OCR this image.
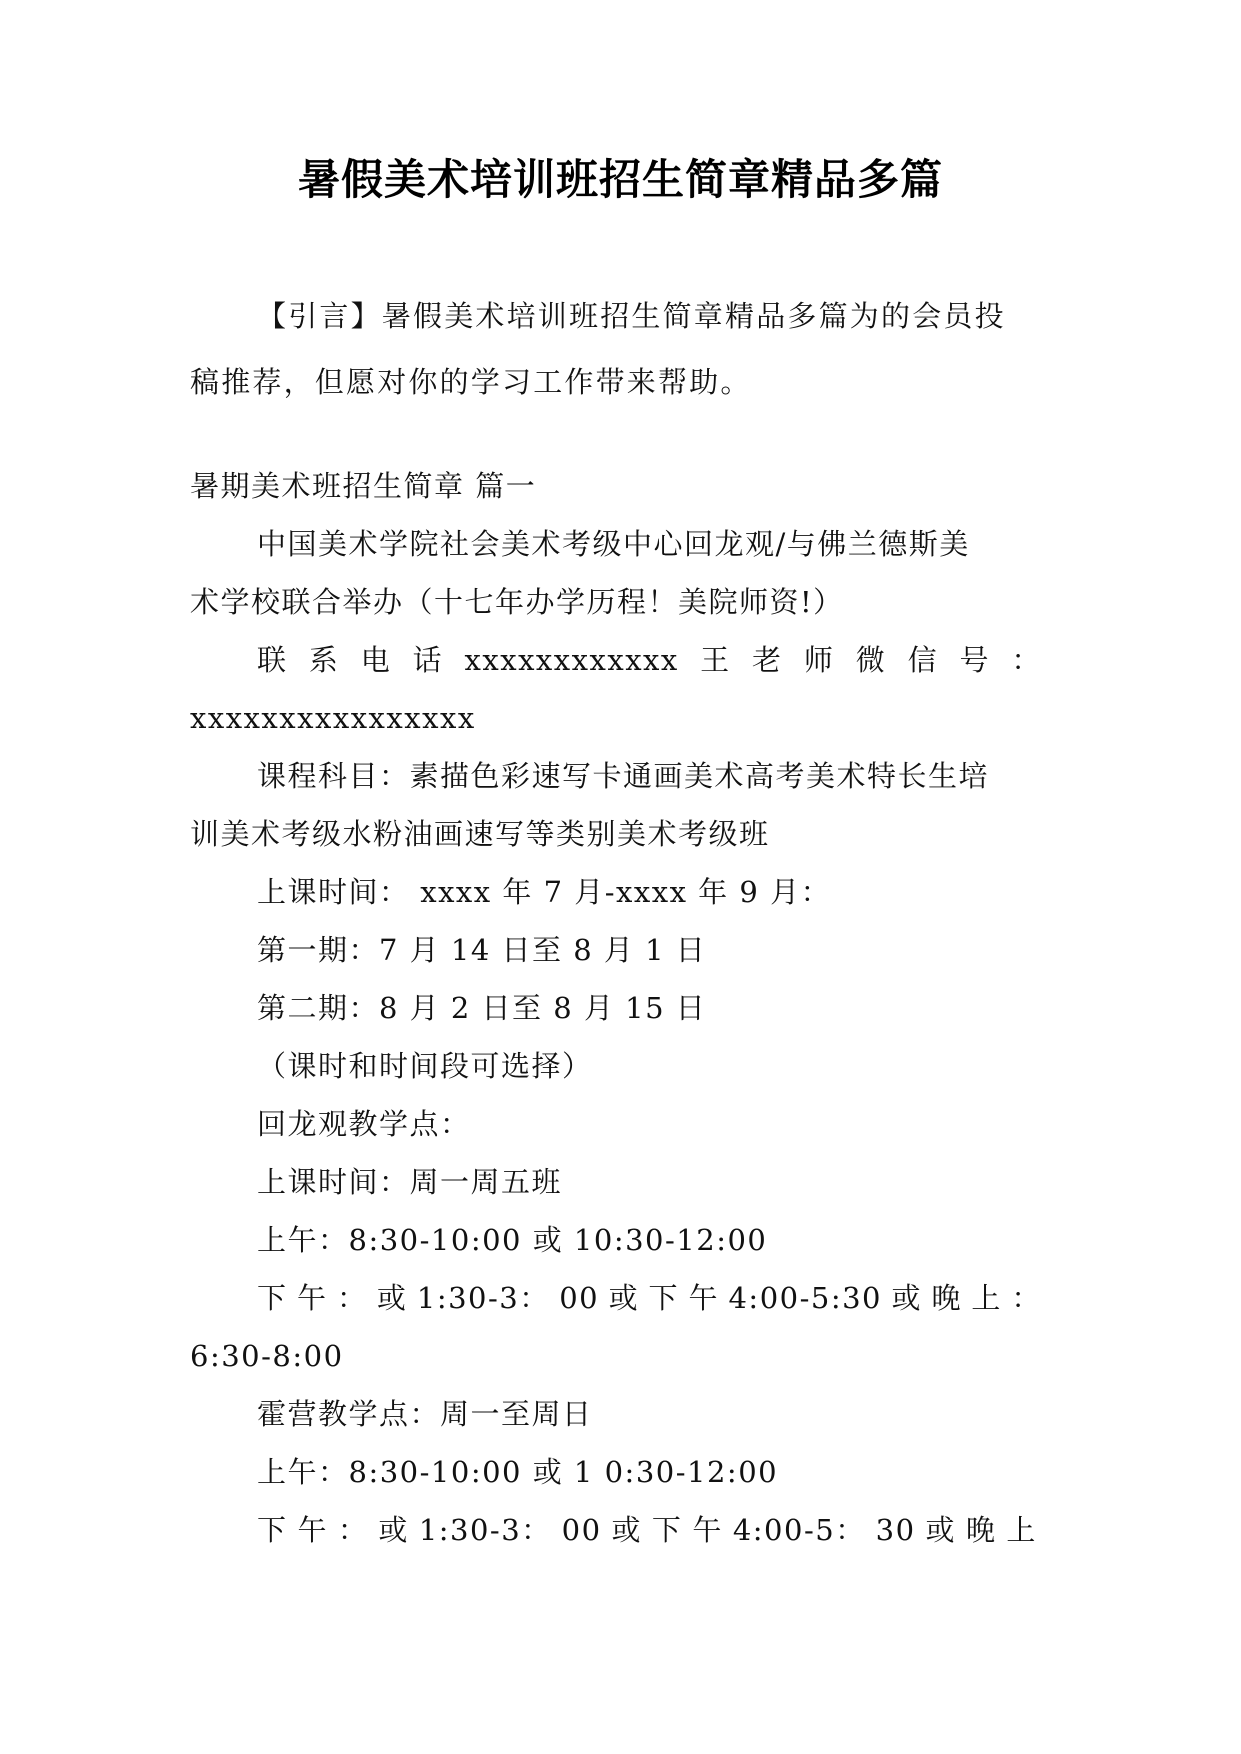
暑假美术培训班招生简章精品多篇
【引言】暑假美术培训班招生简章精品多篇为的会员投
稿推荐，但愿对你的学习工作带来帮助。
暑期美术班招生简章 篇一
中国美术学院社会美术考级中心回龙观/与佛兰德斯美
术学校联合举办（十七年办学历程！美院师资!）
联 系 电 话 xxxxxxxxxxxx 王 老 师 微 信 号 ：
xxxxxxxxxxxxxxxx
课程科目：素描色彩速写卡通画美术高考美术特长生培
训美术考级水粉油画速写等类别美术考级班
上课时间： xxxx 年 7 月-xxxx 年 9 月：
第一期：7 月 14 日至 8 月 1 日
第二期：8 月 2 日至 8 月 15 日
（课时和时间段可选择）
回龙观教学点：
上课时间：周一周五班
上午：8:30-10:00 或 10:30-12:00
下 午 ： 或 1:30-3： 00 或 下 午 4:00-5:30 或 晚 上 ：
6:30-8:00
霍营教学点：周一至周日
上午：8:30-10:00 或 1 0:30-12:00
下 午 ： 或 1:30-3： 00 或 下 午 4:00-5： 30 或 晚 上
